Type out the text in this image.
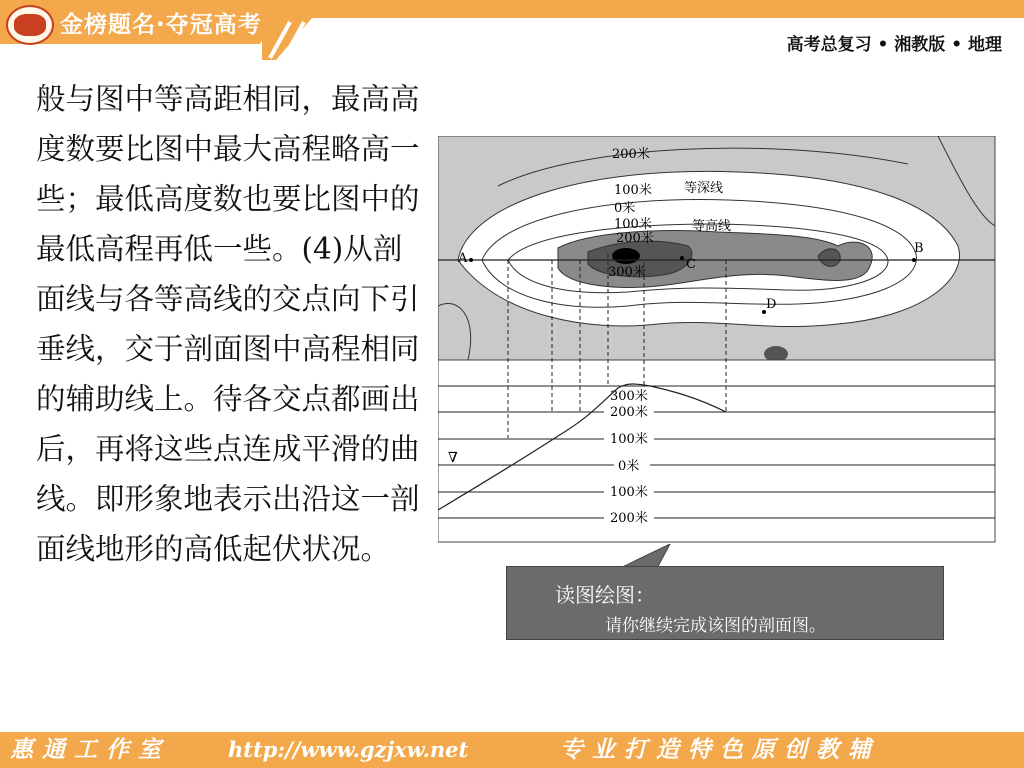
金榜题名·夺冠高考
高考总复习 • 湘教版 • 地理
般与图中等高距相同，最高高度数要比图中最大高程略高一些；最低高度数也要比图中的最低高程再低一些。(4)从剖面线与各等高线的交点向下引垂线，交于剖面图中高程相同的辅助线上。待各交点都画出后，再将这些点连成平滑的曲线。即形象地表示出沿这一剖面线地形的高低起伏状况。
200米
100米
0米
100米
200米
300米
等深线
等高线
A
B
C
D
300米
200米
100米
0米
100米
200米
∇
读图绘图：
请你继续完成该图的剖面图。
惠通工作室	http://www.gzjxw.net	专业打造特色原创教辅
